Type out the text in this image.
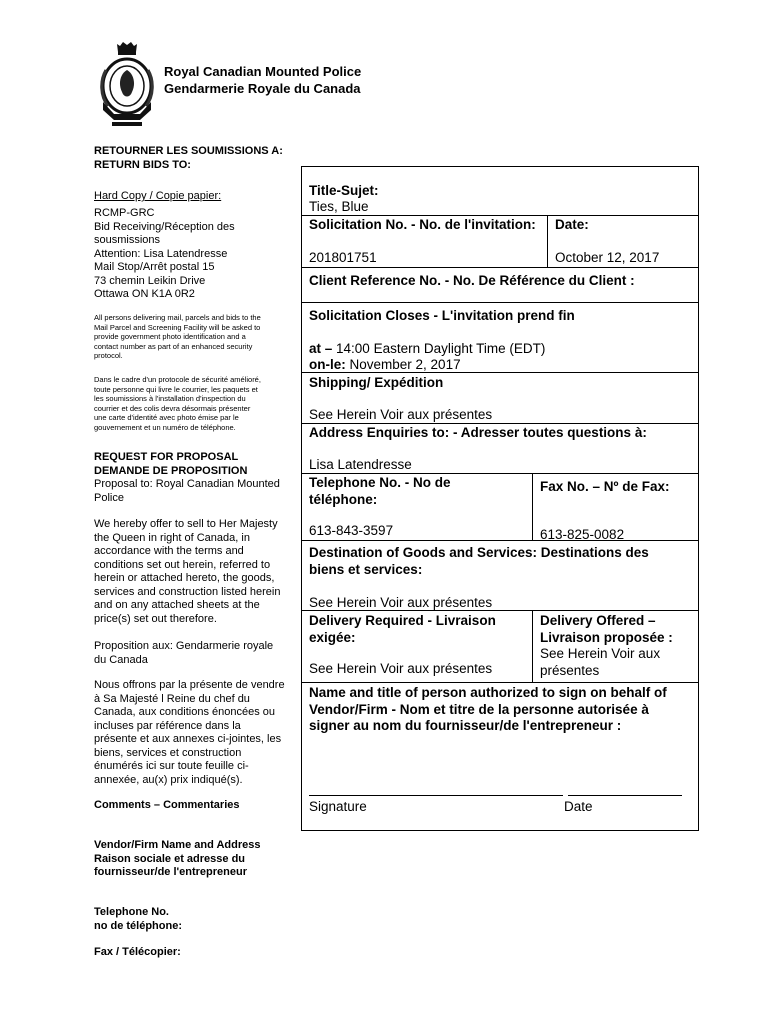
Royal Canadian Mounted Police
Gendarmerie Royale du Canada
RETOURNER LES SOUMISSIONS A:
RETURN BIDS TO:
Hard Copy / Copie papier:
RCMP-GRC
Bid Receiving/Réception des
sousmissions
Attention: Lisa Latendresse
Mail Stop/Arrêt postal 15
73 chemin Leikin Drive
Ottawa ON K1A 0R2
All persons delivering mail, parcels and bids to the
Mail Parcel and Screening Facility will be asked to
provide government photo identification and a
contact number as part of an enhanced security
protocol.
Dans le cadre d'un protocole de sécurité amélioré,
toute personne qui livre le courrier, les paquets et
les soumissions à l'installation d'inspection du
courrier et des colis devra désormais présenter
une carte d'identité avec photo émise par le
gouvernement et un numéro de téléphone.
REQUEST FOR PROPOSAL
DEMANDE DE PROPOSITION
Proposal to: Royal Canadian Mounted
Police
We hereby offer to sell to Her Majesty
the Queen in right of Canada, in
accordance with the terms and
conditions set out herein, referred to
herein or attached hereto, the goods,
services and construction listed herein
and on any attached sheets at the
price(s) set out therefore.
Proposition aux: Gendarmerie royale
du Canada
Nous offrons par la présente de vendre
à Sa Majesté l Reine du chef du
Canada, aux conditions énoncées ou
incluses par référence dans la
présente et aux annexes ci-jointes, les
biens, services et construction
énumérés ici sur toute feuille ci-
annexée, au(x) prix indiqué(s).
Comments – Commentaries
Vendor/Firm Name and Address
Raison sociale et adresse du
fournisseur/de l'entrepreneur
Telephone No.
no de téléphone:
Fax / Télécopier:
Title-Sujet:
Ties, Blue
Solicitation No. - No. de l'invitation:
201801751
Date:
October 12, 2017
Client Reference No. - No. De Référence du Client :
Solicitation Closes - L'invitation prend fin
at – 14:00 Eastern Daylight Time (EDT)
on-le: November 2, 2017
Shipping/ Expédition
See Herein Voir aux présentes
Address Enquiries to: - Adresser toutes questions à:
Lisa Latendresse
Telephone No. - No de
téléphone:
613-843-3597
Fax No. – Nº de Fax:
613-825-0082
Destination of Goods and Services: Destinations des
biens et services:
See Herein Voir aux présentes
Delivery Required - Livraison
exigée:
See Herein Voir aux présentes
Delivery Offered –
Livraison proposée :
See Herein Voir aux
présentes
Name and title of person authorized to sign on behalf of
Vendor/Firm - Nom et titre de la personne autorisée à
signer au nom du fournisseur/de l'entrepreneur :
Signature	Date
